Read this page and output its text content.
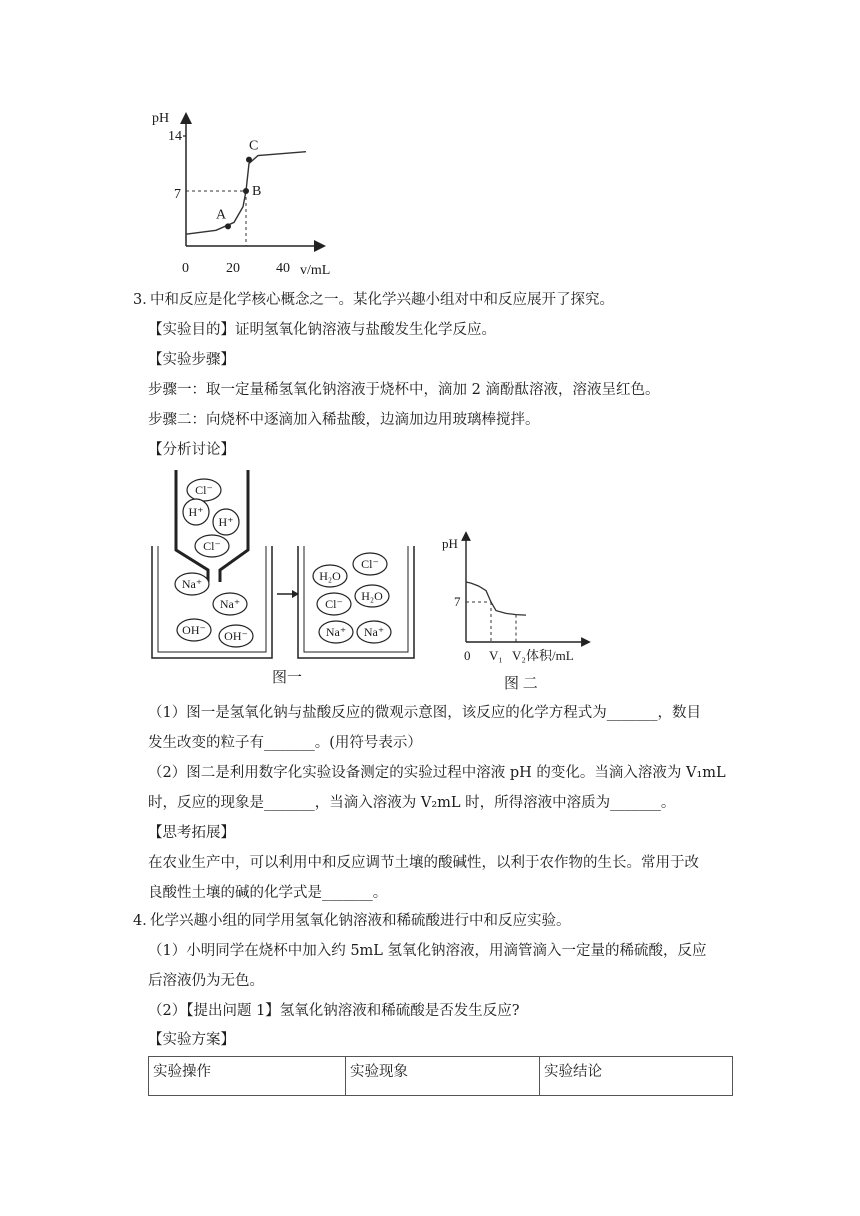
pH
14
7
0	20	40 v/mL
A
B
C
3．
中和反应是化学核心概念之一。某化学兴趣小组对中和反应展开了探究。
【实验目的】证明氢氧化钠溶液与盐酸发生化学反应。
【实验步骤】
步骤一：取一定量稀氢氧化钠溶液于烧杯中，滴加 2 滴酚酞溶液，溶液呈红色。
步骤二：向烧杯中逐滴加入稀盐酸，边滴加边用玻璃棒搅拌。
【分析讨论】
Cl⁻
H⁺
H⁺
Cl⁻
Na⁺
Na⁺
OH⁻ OH⁻
Cl⁻
H₂O
H₂O
Cl⁻
Na⁺ Na⁺
图一
pH
7
0 V₁ V₂ 体积/mL
图 二
（1）图一是氢氧化钠与盐酸反应的微观示意图，该反应的化学方程式为_______，数目
发生改变的粒子有_______。(用符号表示）
（2）图二是利用数字化实验设备测定的实验过程中溶液 pH 的变化。当滴入溶液为 V₁mL
时，反应的现象是_______，当滴入溶液为 V₂mL 时，所得溶液中溶质为_______。
【思考拓展】
在农业生产中，可以利用中和反应调节土壤的酸碱性，以利于农作物的生长。常用于改
良酸性土壤的碱的化学式是_______。
4．
化学兴趣小组的同学用氢氧化钠溶液和稀硫酸进行中和反应实验。
（1）小明同学在烧杯中加入约 5mL 氢氧化钠溶液，用滴管滴入一定量的稀硫酸，反应
后溶液仍为无色。
（2）【提出问题 1】氢氧化钠溶液和稀硫酸是否发生反应?
【实验方案】
实验操作	实验现象	实验结论
